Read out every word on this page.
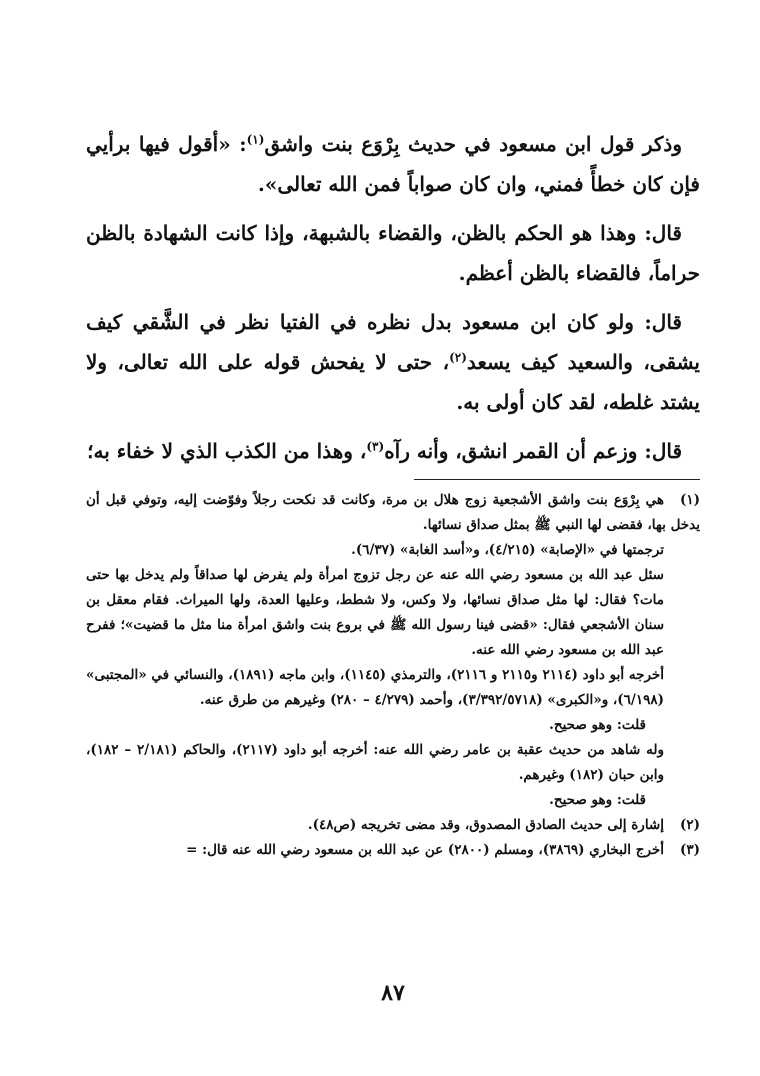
وذكر قول ابن مسعود في حديث بِرْوَع بنت واشق$^{(١)}$: «أقول فيها برأيي فإن كان خطأً فمني، وان كان صواباً فمن الله تعالى».

قال: وهذا هو الحكم بالظن، والقضاء بالشبهة، وإذا كانت الشهادة بالظن حراماً، فالقضاء بالظن أعظم.

قال: ولو كان ابن مسعود بدل نظره في الفتيا نظر في الشَّقي كيف يشقى، والسعيد كيف يسعد$^{(٢)}$، حتى لا يفحش قوله على الله تعالى، ولا يشتد غلطه، لقد كان أولى به.

قال: وزعم أن القمر انشق، وأنه رآه$^{(٣)}$، وهذا من الكذب الذي لا خفاء به؛

(١)هي بِرْوَع بنت واشق الأشجعية زوج هلال بن مرة، وكانت قد نكحت رجلاً وفوّضت إليه، وتوفي قبل أن يدخل بها، فقضى لها النبي ﷺ بمثل صداق نسائها.

ترجمتها في «الإصابة» (٤/٢١٥)، و«أسد الغابة» (٦/٣٧).

سئل عبد الله بن مسعود رضي الله عنه عن رجل تزوج امرأة ولم يفرض لها صداقاً ولم يدخل بها حتى مات؟ فقال: لها مثل صداق نسائها، ولا وكس، ولا شطط، وعليها العدة، ولها الميراث. فقام معقل بن سنان الأشجعي فقال: «قضى فينا رسول الله ﷺ في بروع بنت واشق امرأة منا مثل ما قضيت»؛ ففرح عبد الله بن مسعود رضي الله عنه.

أخرجه أبو داود (٢١١٤ و٢١١٥ و ٢١١٦)، والترمذي (١١٤٥)، وابن ماجه (١٨٩١)، والنسائي في «المجتبى» (٦/١٩٨)، و«الكبرى» (٣/٣٩٢/٥٧١٨)، وأحمد (٤/٢٧٩ – ٢٨٠) وغيرهم من طرق عنه.

قلت: وهو صحيح.

وله شاهد من حديث عقبة بن عامر رضي الله عنه: أخرجه أبو داود (٢١١٧)، والحاكم (٢/١٨١ – ١٨٢)، وابن حبان (١٨٢) وغيرهم.

قلت: وهو صحيح.

(٢)إشارة إلى حديث الصادق المصدوق، وقد مضى تخريجه (ص٤٨).

(٣)أخرج البخاري (٣٨٦٩)، ومسلم (٢٨٠٠) عن عبد الله بن مسعود رضي الله عنه قال: =

٨٧
